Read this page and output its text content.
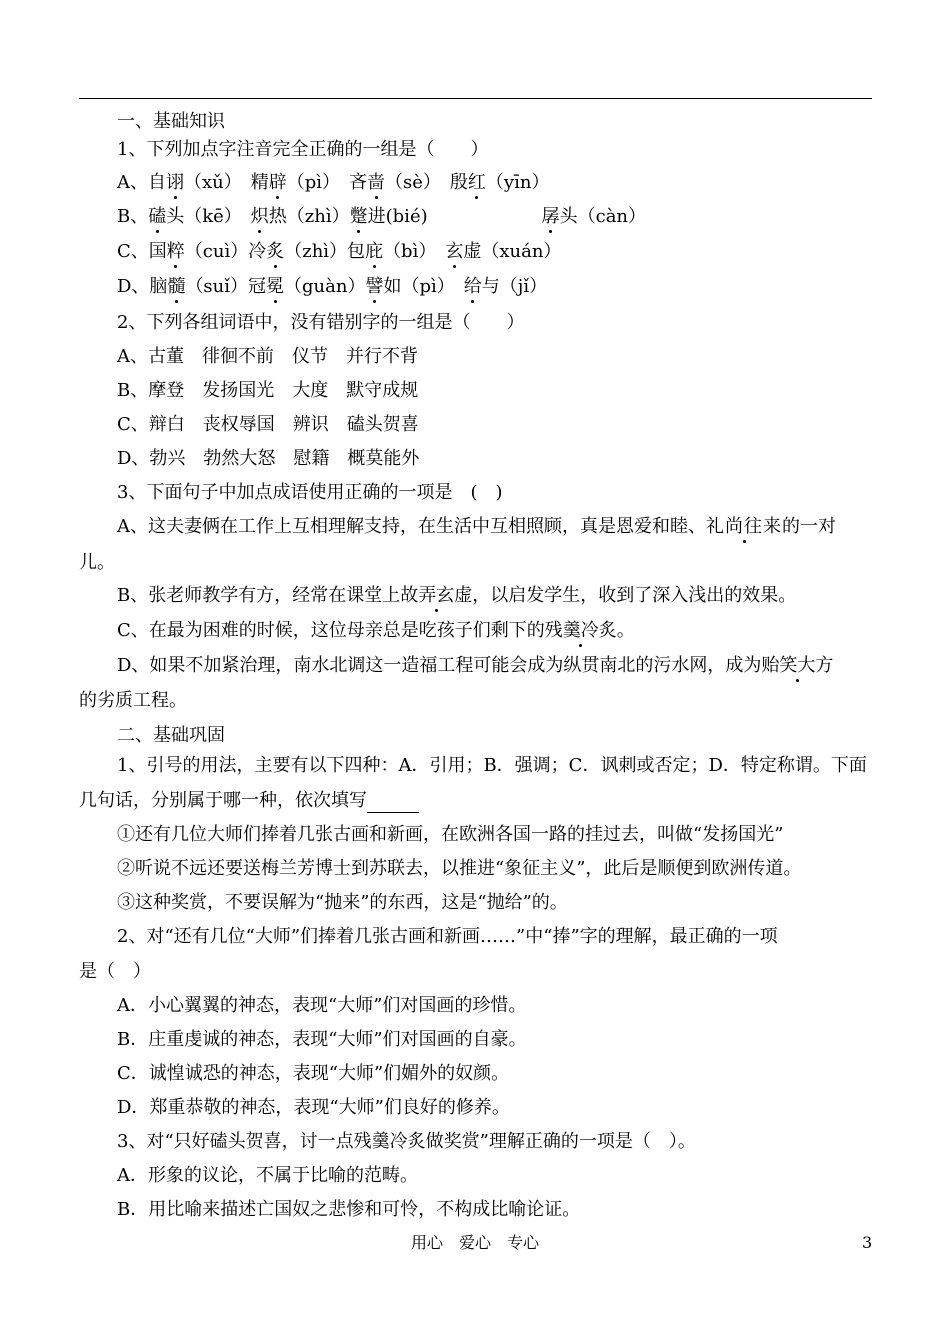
一、基础知识
1、下列加点字注音完全正确的一组是（　　）
A、自诩（xǔ）　精辟（pì）　吝啬（sè）　殷红（yīn）
B、磕头（kē）　炽热（zhì）蹩进(bié)	孱头（càn）
C、国粹（cuì）冷炙（zhì）包庇（bì）　玄虚（xuán）
D、脑髓（suǐ）冠冕（guàn）譬如（pì）　给与（jǐ）
2、下列各组词语中，没有错别字的一组是（　　）
A、古董　徘徊不前　仪节　并行不背
B、摩登　发扬国光　大度　默守成规
C、辩白　丧权辱国　辨识　磕头贺喜
D、勃兴　勃然大怒　慰籍　概莫能外
3、下面句子中加点成语使用正确的一项是　(　)
A、这夫妻俩在工作上互相理解支持，在生活中互相照顾，真是恩爱和睦、礼尚往来的一对
儿。
B、张老师教学有方，经常在课堂上故弄玄虚，以启发学生，收到了深入浅出的效果。
C、在最为困难的时候，这位母亲总是吃孩子们剩下的残羹冷炙。
D、如果不加紧治理，南水北调这一造福工程可能会成为纵贯南北的污水网，成为贻笑大方
的劣质工程。
二、基础巩固
1、引号的用法，主要有以下四种：A．引用；B．强调；C．讽刺或否定；D．特定称谓。下面
几句话，分别属于哪一种，依次填写
①还有几位大师们捧着几张古画和新画，在欧洲各国一路的挂过去，叫做“发扬国光”
②听说不远还要送梅兰芳博士到苏联去，以推进“象征主义”，此后是顺便到欧洲传道。
③这种奖赏，不要误解为“抛来”的东西，这是“抛给”的。
2、对“还有几位“大师”们捧着几张古画和新画……”中“捧”字的理解，最正确的一项
是（　）
A．小心翼翼的神态，表现“大师”们对国画的珍惜。
B．庄重虔诚的神态，表现“大师”们对国画的自豪。
C．诚惶诚恐的神态，表现“大师”们媚外的奴颜。
D．郑重恭敬的神态，表现“大师”们良好的修养。
3、对“只好磕头贺喜，讨一点残羹冷炙做奖赏”理解正确的一项是（　）。
A．形象的议论，不属于比喻的范畴。
B．用比喻来描述亡国奴之悲惨和可怜，不构成比喻论证。
用心　爱心　专心	3
